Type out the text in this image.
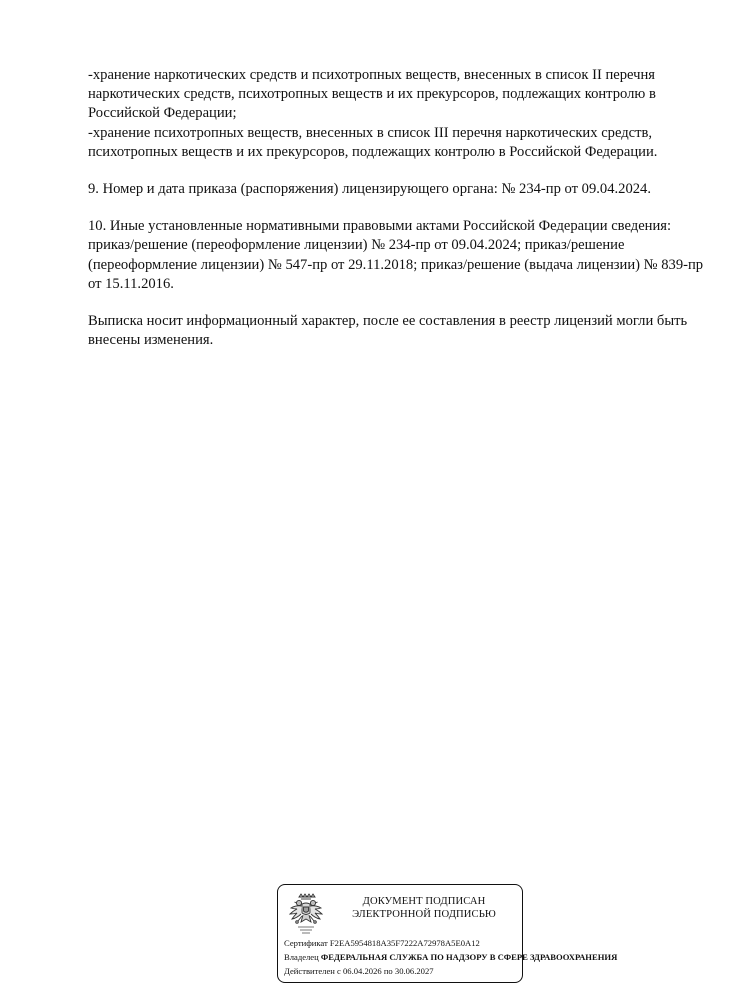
-хранение наркотических средств и психотропных веществ, внесенных в список II перечня наркотических средств, психотропных веществ и их прекурсоров, подлежащих контролю в Российской Федерации;

-хранение психотропных веществ, внесенных в список III перечня наркотических средств, психотропных веществ и их прекурсоров, подлежащих контролю в Российской Федерации.

9. Номер и дата приказа (распоряжения) лицензирующего органа: № 234-пр от 09.04.2024.

10. Иные установленные нормативными правовыми актами Российской Федерации сведения: приказ/решение (переоформление лицензии) № 234-пр от 09.04.2024; приказ/решение (переоформление лицензии) № 547-пр от 29.11.2018; приказ/решение (выдача лицензии) № 839-пр от 15.11.2016.

Выписка носит информационный характер, после ее составления в реестр лицензий могли быть внесены изменения.

ДОКУМЕНТ ПОДПИСАН
ЭЛЕКТРОННОЙ ПОДПИСЬЮ
Сертификат F2EA5954818A35F7222A72978A5E0A12
Владелец ФЕДЕРАЛЬНАЯ СЛУЖБА ПО НАДЗОРУ В СФЕРЕ ЗДРАВООХРАНЕНИЯ
Действителен с 06.04.2026 по 30.06.2027
